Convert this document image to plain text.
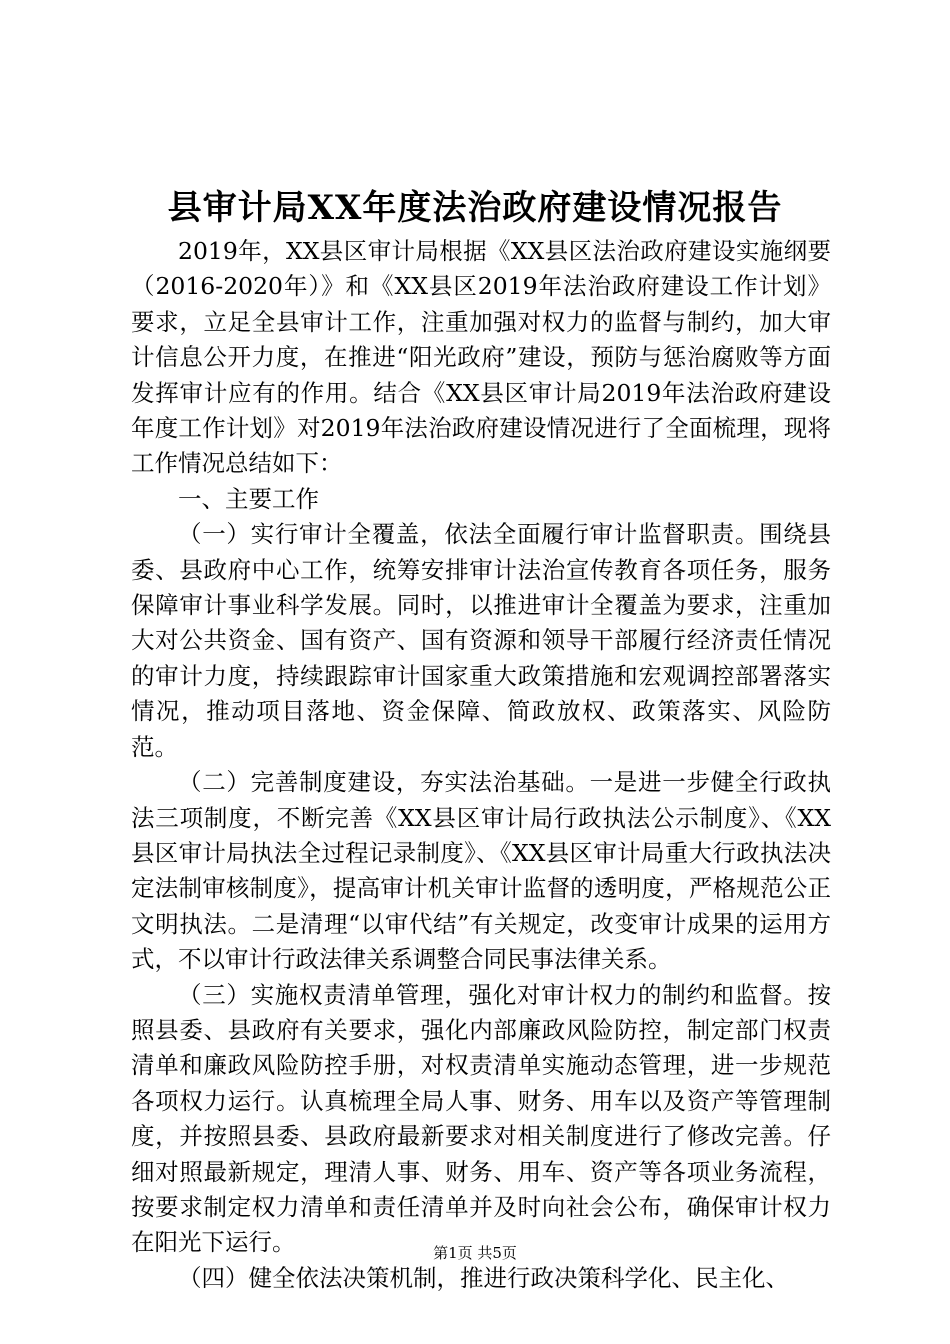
县审计局XX年度法治政府建设情况报告

2019年，XX县区审计局根据《XX县区法治政府建设实施纲要（2016-2020年）》和《XX县区2019年法治政府建设工作计划》要求，立足全县审计工作，注重加强对权力的监督与制约，加大审计信息公开力度，在推进“阳光政府”建设，预防与惩治腐败等方面发挥审计应有的作用。结合《XX县区审计局2019年法治政府建设年度工作计划》对2019年法治政府建设情况进行了全面梳理，现将工作情况总结如下：

一、主要工作

（一）实行审计全覆盖，依法全面履行审计监督职责。围绕县委、县政府中心工作，统筹安排审计法治宣传教育各项任务，服务保障审计事业科学发展。同时，以推进审计全覆盖为要求，注重加大对公共资金、国有资产、国有资源和领导干部履行经济责任情况的审计力度，持续跟踪审计国家重大政策措施和宏观调控部署落实情况，推动项目落地、资金保障、简政放权、政策落实、风险防范。

（二）完善制度建设，夯实法治基础。一是进一步健全行政执法三项制度，不断完善《XX县区审计局行政执法公示制度》、《XX县区审计局执法全过程记录制度》、《XX县区审计局重大行政执法决定法制审核制度》，提高审计机关审计监督的透明度，严格规范公正文明执法。二是清理“以审代结”有关规定，改变审计成果的运用方式，不以审计行政法律关系调整合同民事法律关系。

（三）实施权责清单管理，强化对审计权力的制约和监督。按照县委、县政府有关要求，强化内部廉政风险防控，制定部门权责清单和廉政风险防控手册，对权责清单实施动态管理，进一步规范各项权力运行。认真梳理全局人事、财务、用车以及资产等管理制度，并按照县委、县政府最新要求对相关制度进行了修改完善。仔细对照最新规定，理清人事、财务、用车、资产等各项业务流程，按要求制定权力清单和责任清单并及时向社会公布，确保审计权力在阳光下运行。

（四）健全依法决策机制，推进行政决策科学化、民主化、

第1页 共5页
